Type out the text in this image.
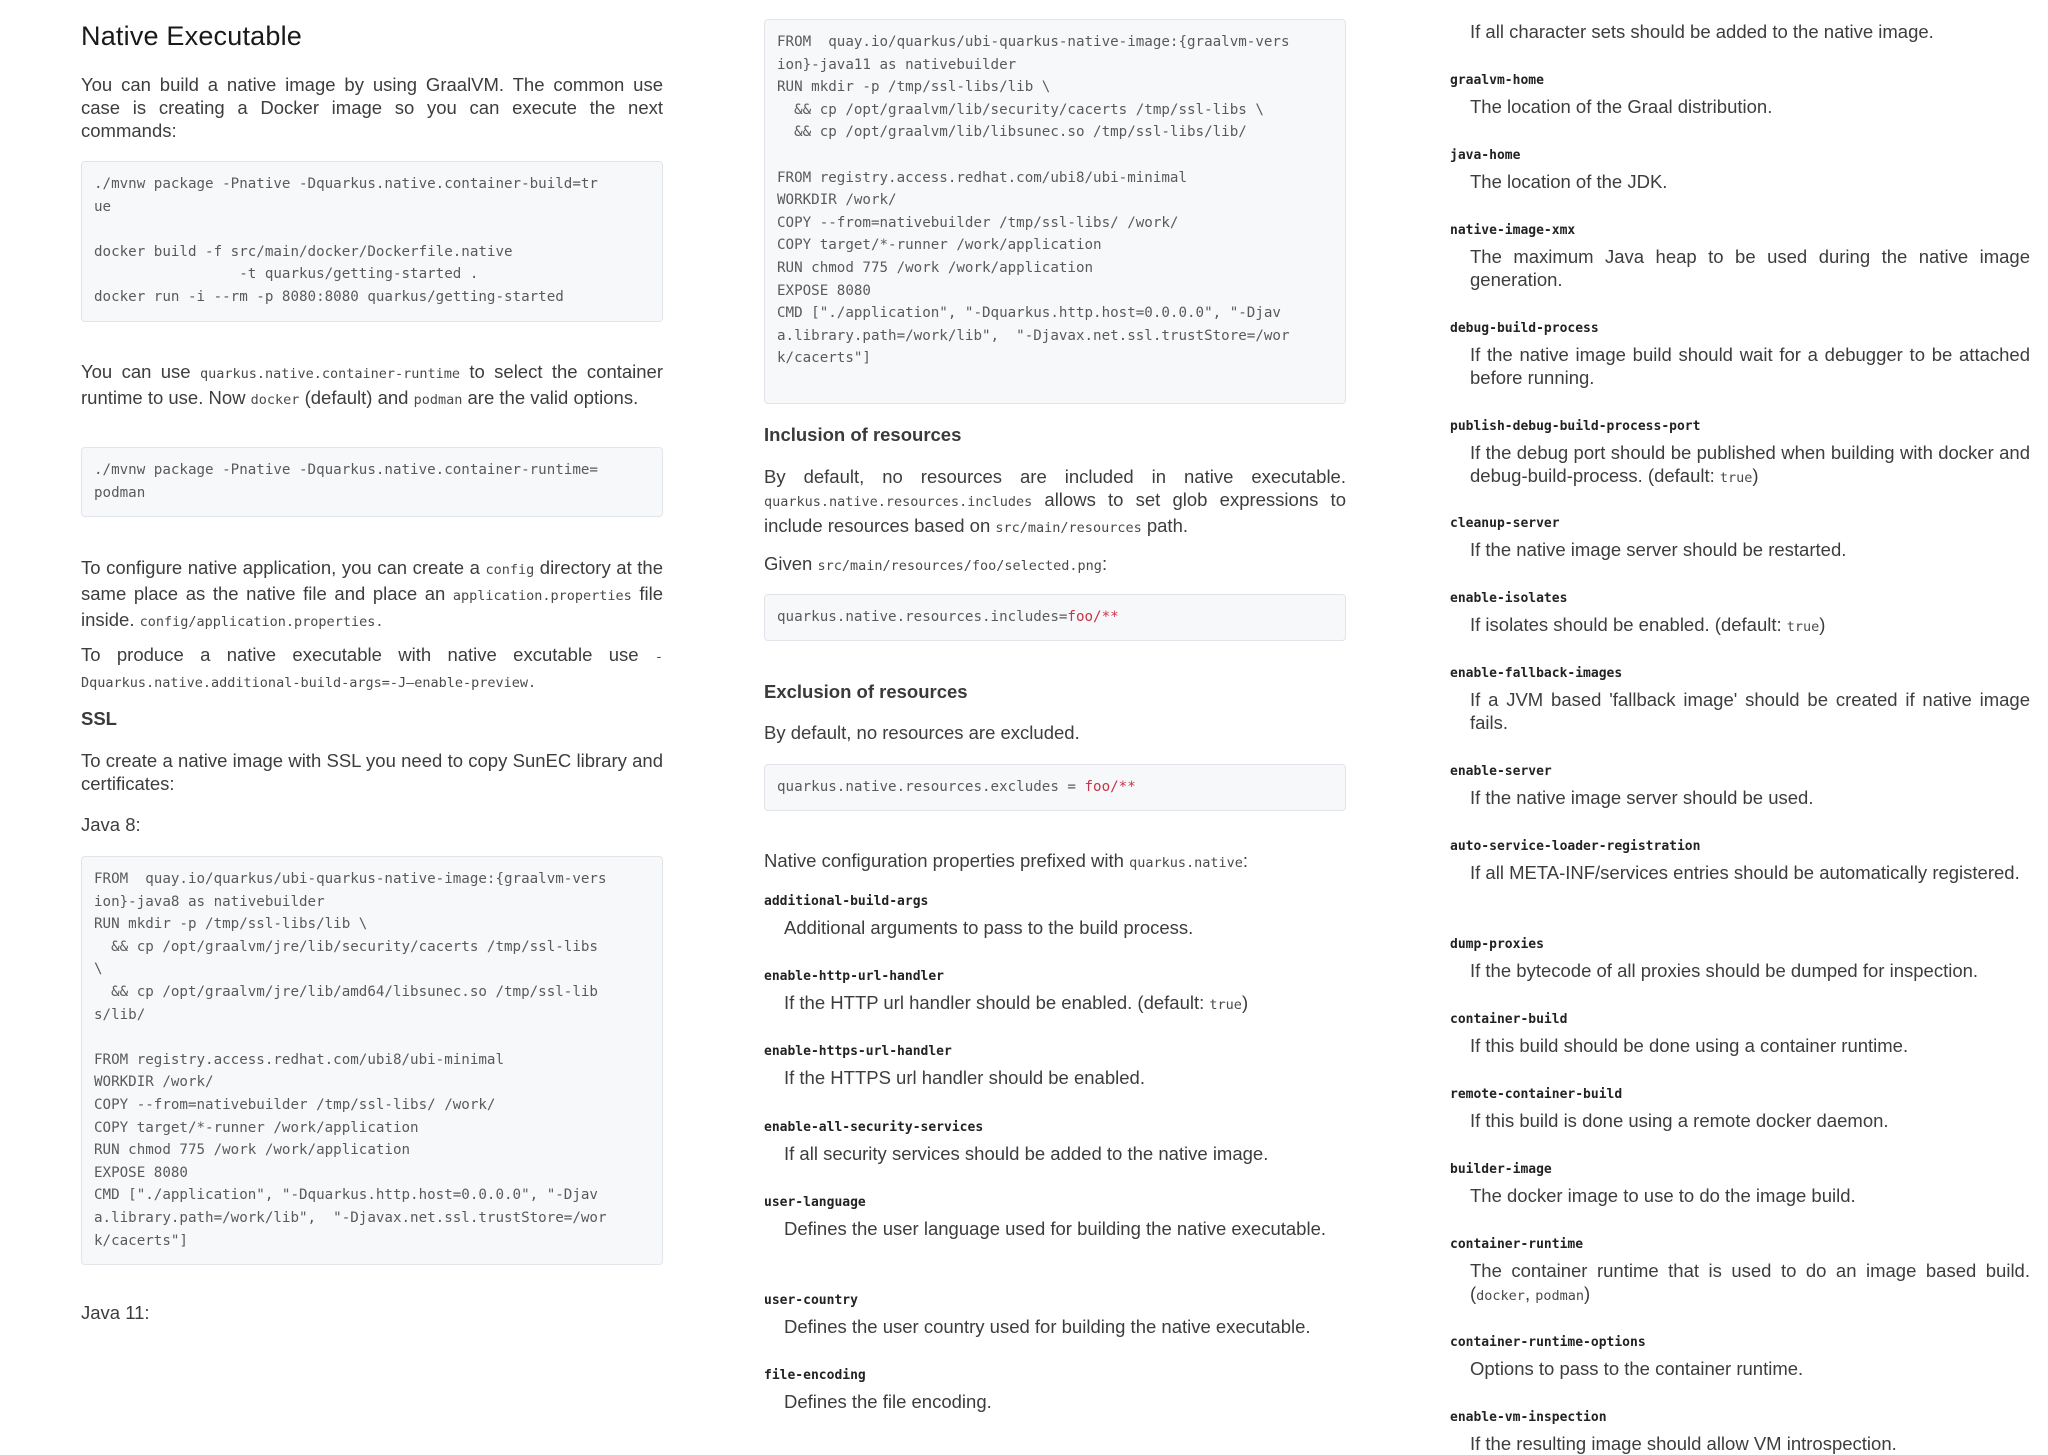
Native Executable

You can build a native image by using GraalVM. The common use case is creating a Docker image so you can execute the next commands:

./mvnw package -Pnative -Dquarkus.native.container-build=tr
ue

docker build -f src/main/docker/Dockerfile.native
-t quarkus/getting-started .
docker run -i --rm -p 8080:8080 quarkus/getting-started

You can use quarkus.native.container-runtime to select the container runtime to use. Now docker (default) and podman are the valid options.

./mvnw package -Pnative -Dquarkus.native.container-runtime=
podman

To configure native application, you can create a config directory at the same place as the native file and place an application.properties file inside. config/application.properties.

To produce a native executable with native excutable use -Dquarkus.native.additional-build-args=-J—enable-preview.

SSL

To create a native image with SSL you need to copy SunEC library and certificates:

Java 8:

FROM  quay.io/quarkus/ubi-quarkus-native-image:{graalvm-vers
ion}-java8 as nativebuilder
RUN mkdir -p /tmp/ssl-libs/lib \
&& cp /opt/graalvm/jre/lib/security/cacerts /tmp/ssl-libs
\
&& cp /opt/graalvm/jre/lib/amd64/libsunec.so /tmp/ssl-lib
s/lib/

FROM registry.access.redhat.com/ubi8/ubi-minimal
WORKDIR /work/
COPY --from=nativebuilder /tmp/ssl-libs/ /work/
COPY target/*-runner /work/application
RUN chmod 775 /work /work/application
EXPOSE 8080
CMD ["./application", "-Dquarkus.http.host=0.0.0.0", "-Djav
a.library.path=/work/lib",  "-Djavax.net.ssl.trustStore=/wor
k/cacerts"]

Java 11:

FROM  quay.io/quarkus/ubi-quarkus-native-image:{graalvm-vers
ion}-java11 as nativebuilder
RUN mkdir -p /tmp/ssl-libs/lib \
&& cp /opt/graalvm/lib/security/cacerts /tmp/ssl-libs \
&& cp /opt/graalvm/lib/libsunec.so /tmp/ssl-libs/lib/

FROM registry.access.redhat.com/ubi8/ubi-minimal
WORKDIR /work/
COPY --from=nativebuilder /tmp/ssl-libs/ /work/
COPY target/*-runner /work/application
RUN chmod 775 /work /work/application
EXPOSE 8080
CMD ["./application", "-Dquarkus.http.host=0.0.0.0", "-Djav
a.library.path=/work/lib",  "-Djavax.net.ssl.trustStore=/wor
k/cacerts"]
Inclusion of resources

By default, no resources are included in native executable. quarkus.native.resources.includes allows to set glob expressions to include resources based on src/main/resources path.

Given src/main/resources/foo/selected.png:

quarkus.native.resources.includes=foo/**
Exclusion of resources

By default, no resources are excluded.

quarkus.native.resources.excludes = foo/**

Native configuration properties prefixed with quarkus.native:

additional-build-args
Additional arguments to pass to the build process.
enable-http-url-handler
If the HTTP url handler should be enabled. (default: true)
enable-https-url-handler
If the HTTPS url handler should be enabled.
enable-all-security-services
If all security services should be added to the native image.
user-language
Defines the user language used for building the native executable.
user-country
Defines the user country used for building the native executable.
file-encoding
Defines the file encoding.

If all character sets should be added to the native image.

graalvm-home
The location of the Graal distribution.
java-home
The location of the JDK.
native-image-xmx
The maximum Java heap to be used during the native image generation.
debug-build-process
If the native image build should wait for a debugger to be attached before running.
publish-debug-build-process-port
If the debug port should be published when building with docker and debug-build-process. (default: true)
cleanup-server
If the native image server should be restarted.
enable-isolates
If isolates should be enabled. (default: true)
enable-fallback-images
If a JVM based 'fallback image' should be created if native image fails.
enable-server
If the native image server should be used.
auto-service-loader-registration
If all META-INF/services entries should be automatically registered.
dump-proxies
If the bytecode of all proxies should be dumped for inspection.
container-build
If this build should be done using a container runtime.
remote-container-build
If this build is done using a remote docker daemon.
builder-image
The docker image to use to do the image build.
container-runtime
The container runtime that is used to do an image based build. (docker, podman)
container-runtime-options
Options to pass to the container runtime.
enable-vm-inspection
If the resulting image should allow VM introspection.
